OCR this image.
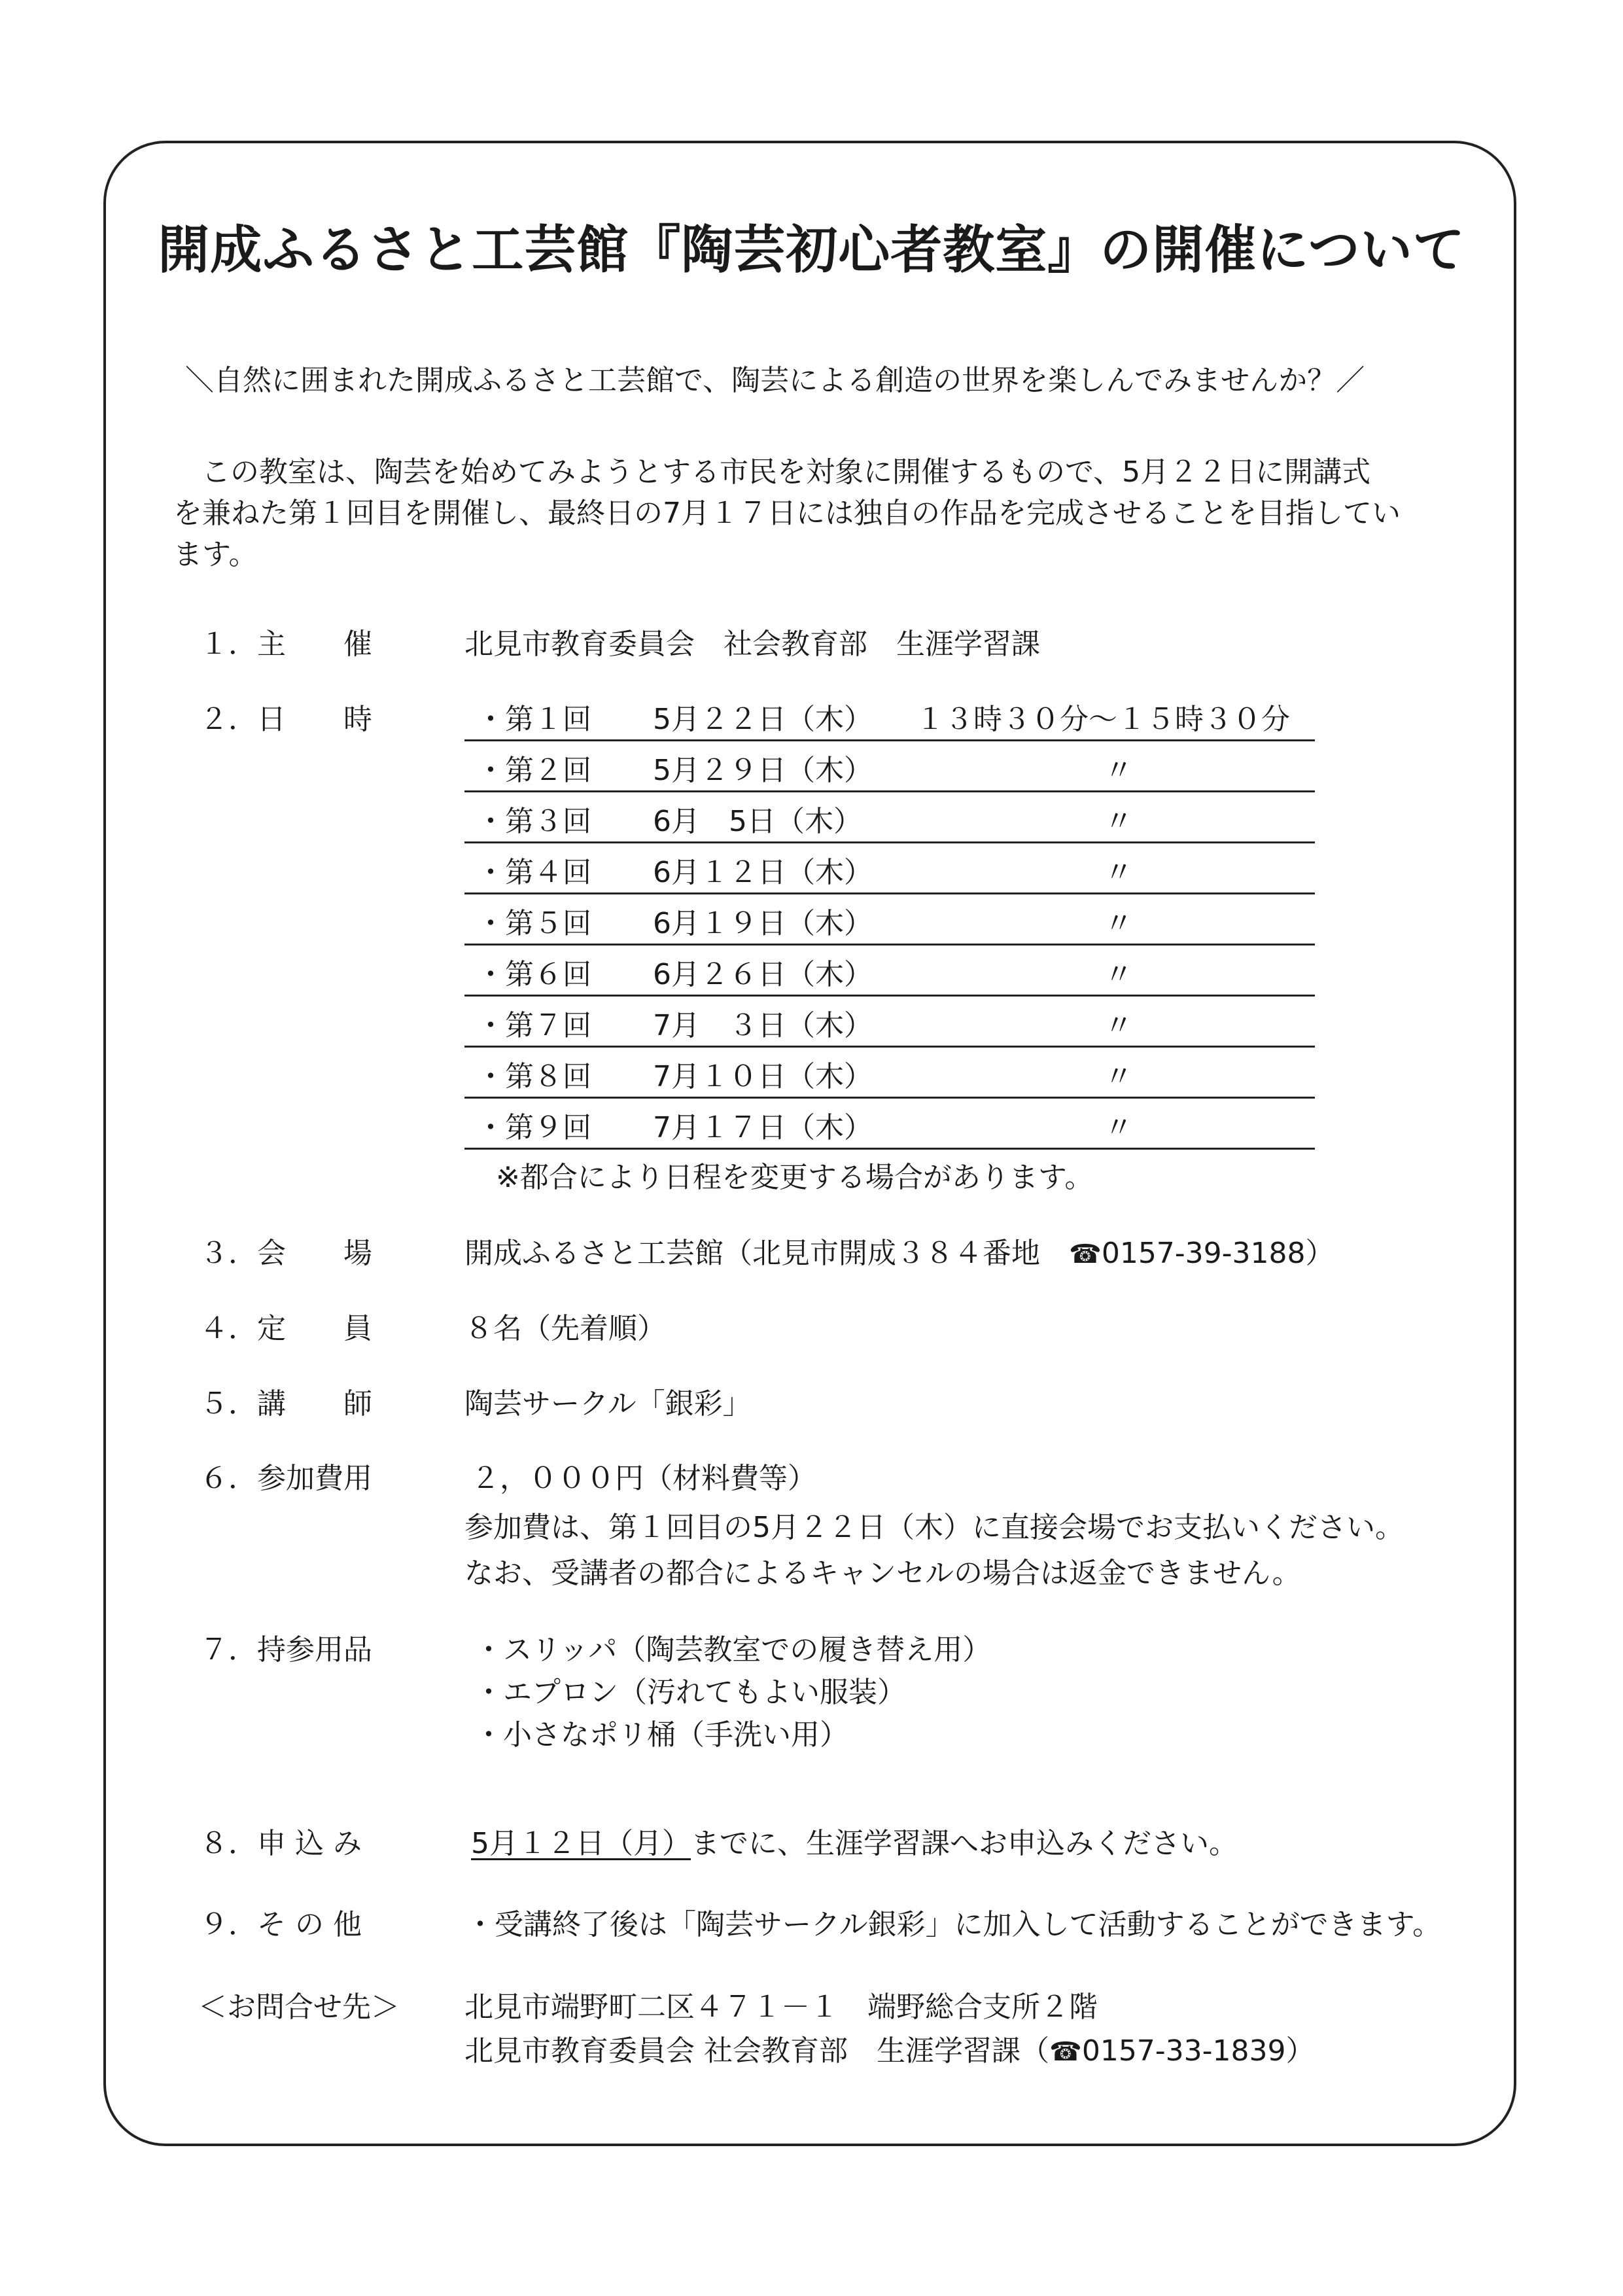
開成ふるさと工芸館『陶芸初心者教室』の開催について
＼自然に囲まれた開成ふるさと工芸館で、陶芸による創造の世界を楽しんでみませんか？／
この教室は、陶芸を始めてみようとする市民を対象に開催するもので、5月２２日に開講式
を兼ねた第１回目を開催し、最終日の7月１７日には独自の作品を完成させることを目指してい
ます。
１．主　　催	北見市教育委員会　社会教育部　生涯学習課
２．日　　時	・第１回 5月２２日（木） １３時３０分～１５時３０分
・第２回 5月２９日（木）	〃
・第３回 6月　5日（木）	〃
・第４回 6月１２日（木）	〃
・第５回 6月１９日（木）	〃
・第６回 6月２６日（木）	〃
・第７回 7月　３日（木）	〃
・第８回 7月１０日（木）	〃
・第９回 7月１７日（木）	〃
※都合により日程を変更する場合があります。
３．会　　場	開成ふるさと工芸館（北見市開成３８４番地　 ☎0157-39-3188）
４．定　　員	８名（先着順）
５．講　　師	陶芸サークル「銀彩」
６．参加費用	２，０００円（材料費等）
参加費は、第１回目の5月２２日（木）に直接会場でお支払いください。
なお、受講者の都合によるキャンセルの場合は返金できません。
７．持参用品	・スリッパ（陶芸教室での履き替え用）
・エプロン（汚れてもよい服装）
・小さなポリ桶（手洗い用）
８．申 込 み	5月１２日（月）までに、生涯学習課へお申込みください。
９．そ の 他	・受講終了後は「陶芸サークル銀彩」に加入して活動することができます。
＜お問合せ先＞ 北見市端野町二区４７１－１　端野総合支所２階
北見市教育委員会 社会教育部　生涯学習課（☎0157-33-1839）
